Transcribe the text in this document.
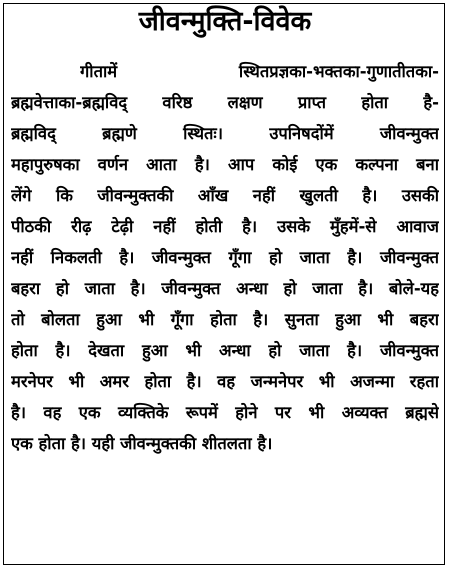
जीवन्मुक्ति-विवेक
गीतामें स्थितप्रज्ञका-भक्तका-गुणातीतका-
ब्रह्मवेत्ताका-ब्रह्मविद् वरिष्ठ लक्षण प्राप्त होता है-
ब्रह्मविद् ब्रह्मणे स्थितः। उपनिषदोंमें जीवन्मुक्त
महापुरुषका वर्णन आता है। आप कोई एक कल्पना बना
लेंगे कि जीवन्मुक्तकी आँख नहीं खुलती है। उसकी
पीठकी रीढ़ टेढ़ी नहीं होती है। उसके मुँहमें-से आवाज
नहीं निकलती है। जीवन्मुक्त गूँगा हो जाता है। जीवन्मुक्त
बहरा हो जाता है। जीवन्मुक्त अन्धा हो जाता है। बोले-यह
तो बोलता हुआ भी गूँगा होता है। सुनता हुआ भी बहरा
होता है। देखता हुआ भी अन्धा हो जाता है। जीवन्मुक्त
मरनेपर भी अमर होता है। वह जन्मनेपर भी अजन्मा रहता
है। वह एक व्यक्तिके रूपमें होने पर भी अव्यक्त ब्रह्मसे
एक होता है। यही जीवन्मुक्तकी शीतलता है।
